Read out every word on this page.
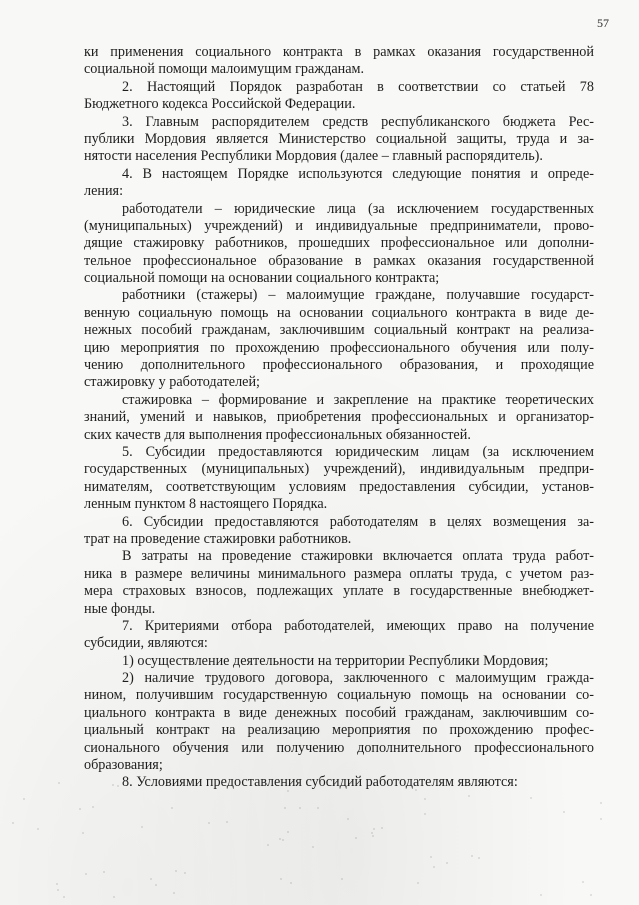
57
ки применения социального контракта в рамках оказания государственной
социальной помощи малоимущим гражданам.
2. Настоящий Порядок разработан в соответствии со статьей 78
Бюджетного кодекса Российской Федерации.
3. Главным распорядителем средств республиканского бюджета Рес-
публики Мордовия является Министерство социальной защиты, труда и за-
нятости населения Республики Мордовия (далее – главный распорядитель).
4. В настоящем Порядке используются следующие понятия и опреде-
ления:
работодатели – юридические лица (за исключением государственных
(муниципальных) учреждений) и индивидуальные предприниматели, прово-
дящие стажировку работников, прошедших профессиональное или дополни-
тельное профессиональное образование в рамках оказания государственной
социальной помощи на основании социального контракта;
работники (стажеры) – малоимущие граждане, получавшие государст-
венную социальную помощь на основании социального контракта в виде де-
нежных пособий гражданам, заключившим социальный контракт на реализа-
цию мероприятия по прохождению профессионального обучения или полу-
чению дополнительного профессионального образования, и проходящие
стажировку у работодателей;
стажировка – формирование и закрепление на практике теоретических
знаний, умений и навыков, приобретения профессиональных и организатор-
ских качеств для выполнения профессиональных обязанностей.
5. Субсидии предоставляются юридическим лицам (за исключением
государственных (муниципальных) учреждений), индивидуальным предпри-
нимателям, соответствующим условиям предоставления субсидии, установ-
ленным пунктом 8 настоящего Порядка.
6. Субсидии предоставляются работодателям в целях возмещения за-
трат на проведение стажировки работников.
В затраты на проведение стажировки включается оплата труда работ-
ника в размере величины минимального размера оплаты труда, с учетом раз-
мера страховых взносов, подлежащих уплате в государственные внебюджет-
ные фонды.
7. Критериями отбора работодателей, имеющих право на получение
субсидии, являются:
1) осуществление деятельности на территории Республики Мордовия;
2) наличие трудового договора, заключенного с малоимущим гражда-
нином, получившим государственную социальную помощь на основании со-
циального контракта в виде денежных пособий гражданам, заключившим со-
циальный контракт на реализацию мероприятия по прохождению профес-
сионального обучения или получению дополнительного профессионального
образования;
8. Условиями предоставления субсидий работодателям являются:
